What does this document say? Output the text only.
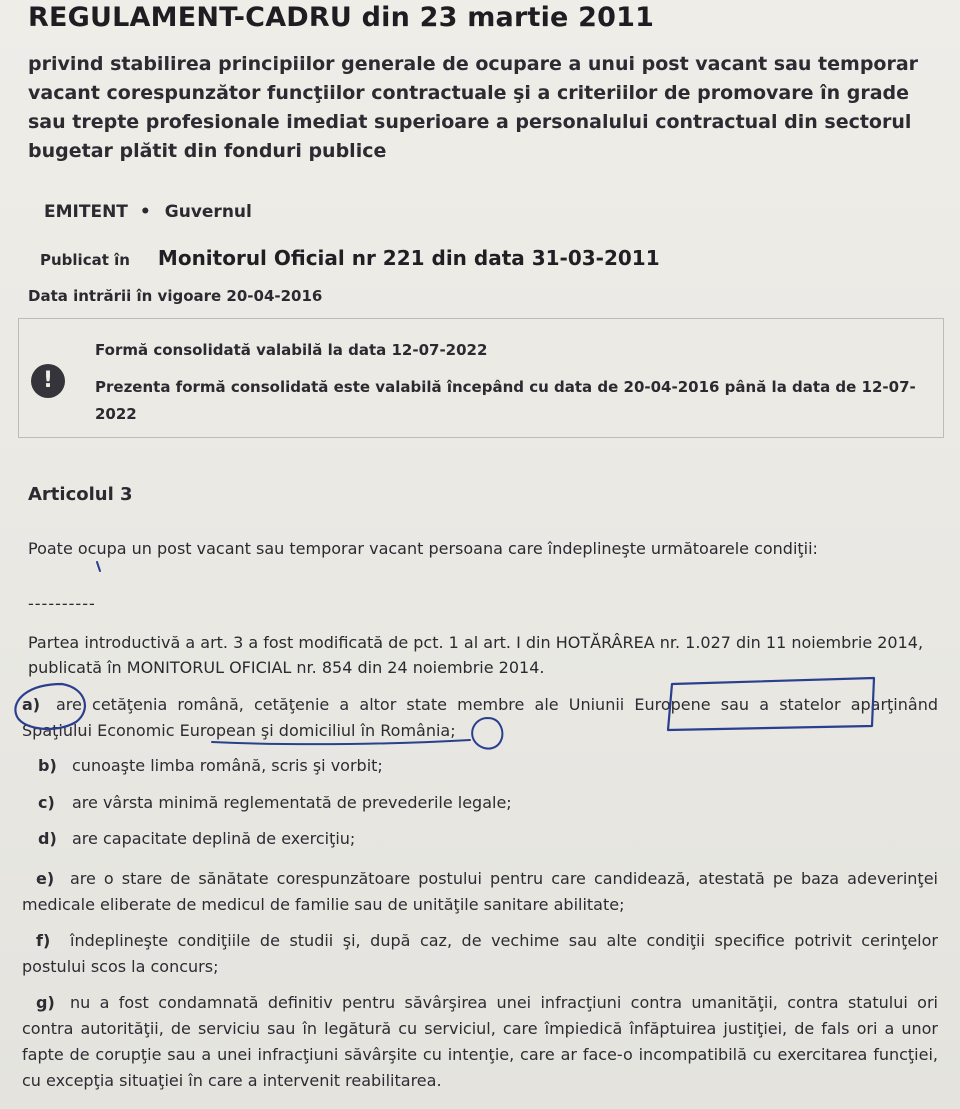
REGULAMENT-CADRU din 23 martie 2011
privind stabilirea principiilor generale de ocupare a unui post vacant sau temporar vacant corespunzător funcţiilor contractuale şi a criteriilor de promovare în grade sau trepte profesionale imediat superioare a personalului contractual din sectorul bugetar plătit din fonduri publice
EMITENT • Guvernul
Publicat în Monitorul Oficial nr 221 din data 31-03-2011
Data intrării în vigoare 20-04-2016
!
Formă consolidată valabilă la data 12-07-2022
Prezenta formă consolidată este valabilă începând cu data de 20-04-2016 până la data de 12-07-2022
Articolul 3
Poate ocupa un post vacant sau temporar vacant persoana care îndeplineşte următoarele condiţii:
----------
Partea introductivă a art. 3 a fost modificată de pct. 1 al art. I din HOTĂRÂREA nr. 1.027 din 11 noiembrie 2014, publicată în MONITORUL OFICIAL nr. 854 din 24 noiembrie 2014.
a) are cetăţenia română, cetăţenie a altor state membre ale Uniunii Europene sau a statelor aparţinând Spaţiului Economic European şi domiciliul în România;
b) cunoaşte limba română, scris şi vorbit;
c) are vârsta minimă reglementată de prevederile legale;
d) are capacitate deplină de exerciţiu;
e) are o stare de sănătate corespunzătoare postului pentru care candidează, atestată pe baza adeverinţei medicale eliberate de medicul de familie sau de unităţile sanitare abilitate;
f) îndeplineşte condiţiile de studii şi, după caz, de vechime sau alte condiţii specifice potrivit cerinţelor postului scos la concurs;
g) nu a fost condamnată definitiv pentru săvârşirea unei infracţiuni contra umanităţii, contra statului ori contra autorităţii, de serviciu sau în legătură cu serviciul, care împiedică înfăptuirea justiţiei, de fals ori a unor fapte de corupţie sau a unei infracţiuni săvârşite cu intenţie, care ar face-o incompatibilă cu exercitarea funcţiei, cu excepţia situaţiei în care a intervenit reabilitarea.
